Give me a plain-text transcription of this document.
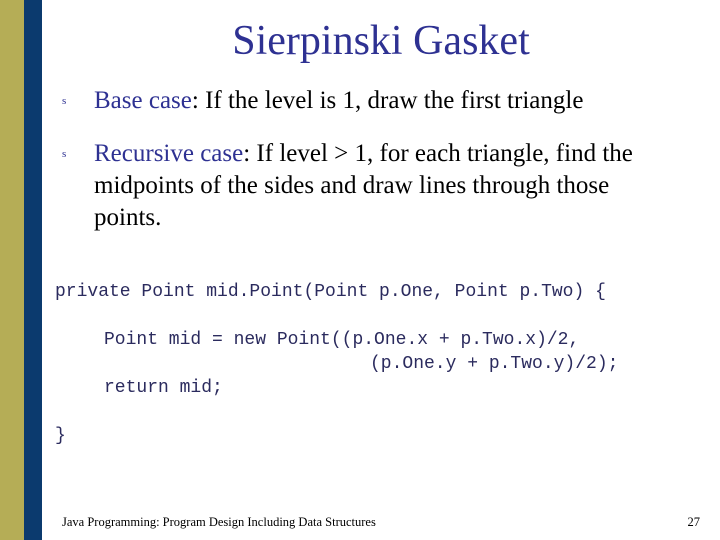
Sierpinski Gasket
s Base case: If the level is 1, draw the first triangle
s Recursive case: If level > 1, for each triangle, find the midpoints of the sides and draw lines through those points.
private Point mid.Point(Point p.One, Point p.Two) {
Point mid = new Point((p.One.x + p.Two.x)/2,
(p.One.y + p.Two.y)/2);
return mid;
}
Java Programming: Program Design Including Data Structures	27
